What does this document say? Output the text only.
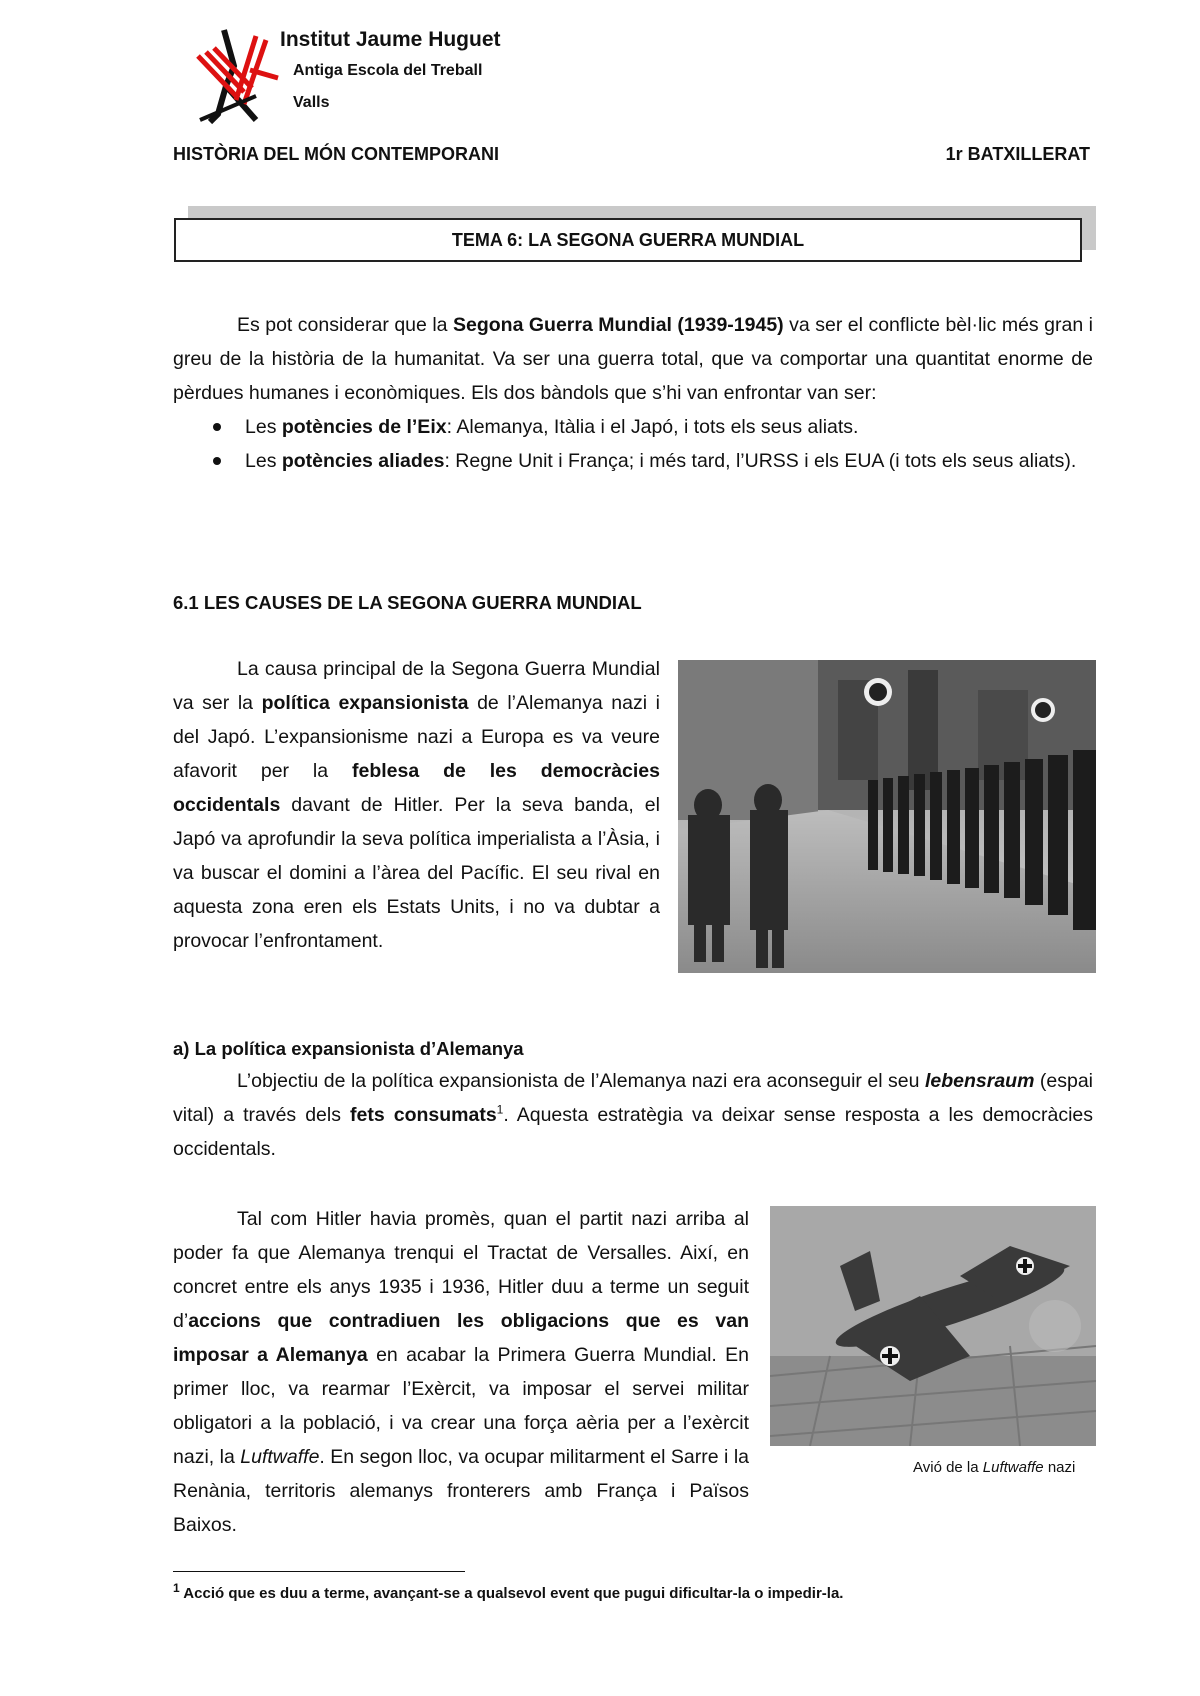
Institut Jaume Huguet
Antiga Escola del Treball
Valls
HISTÒRIA DEL MÓN CONTEMPORANI	1r BATXILLERAT
TEMA 6: LA SEGONA GUERRA MUNDIAL

Es pot considerar que la Segona Guerra Mundial (1939-1945) va ser el conflicte bèl·lic més gran i greu de la història de la humanitat. Va ser una guerra total, que va comportar una quantitat enorme de pèrdues humanes i econòmiques. Els dos bàndols que s’hi van enfrontar van ser:

Les potències de l’Eix: Alemanya, Itàlia i el Japó, i tots els seus aliats.
Les potències aliades: Regne Unit i França; i més tard, l’URSS i els EUA (i tots els seus aliats).
6.1 LES CAUSES DE LA SEGONA GUERRA MUNDIAL

La causa principal de la Segona Guerra Mundial va ser la política expansionista de l’Alemanya nazi i del Japó. L’expansionisme nazi a Europa es va veure afavorit per la feblesa de les democràcies occidentals davant de Hitler. Per la seva banda, el Japó va aprofundir la seva política imperialista a l’Àsia, i va buscar el domini a l’àrea del Pacífic. El seu rival en aquesta zona eren els Estats Units, i no va dubtar a provocar l’enfrontament.

a) La política expansionista d’Alemanya

L’objectiu de la política expansionista de l’Alemanya nazi era aconseguir el seu lebensraum (espai vital) a través dels fets consumats$^1$. Aquesta estratègia va deixar sense resposta a les democràcies occidentals.

Tal com Hitler havia promès, quan el partit nazi arriba al poder fa que Alemanya trenqui el Tractat de Versalles. Així, en concret entre els anys 1935 i 1936, Hitler duu a terme un seguit d’accions que contradiuen les obligacions que es van imposar a Alemanya en acabar la Primera Guerra Mundial. En primer lloc, va rearmar l’Exèrcit, va imposar el servei militar obligatori a la població, i va crear una força aèria per a l’exèrcit nazi, la Luftwaffe. En segon lloc, va ocupar militarment el Sarre i la Renània, territoris alemanys fronterers amb França i Països Baixos.

Avió de la Luftwaffe nazi
$^1$ Acció que es duu a terme, avançant-se a qualsevol event que pugui dificultar-la o impedir-la.
